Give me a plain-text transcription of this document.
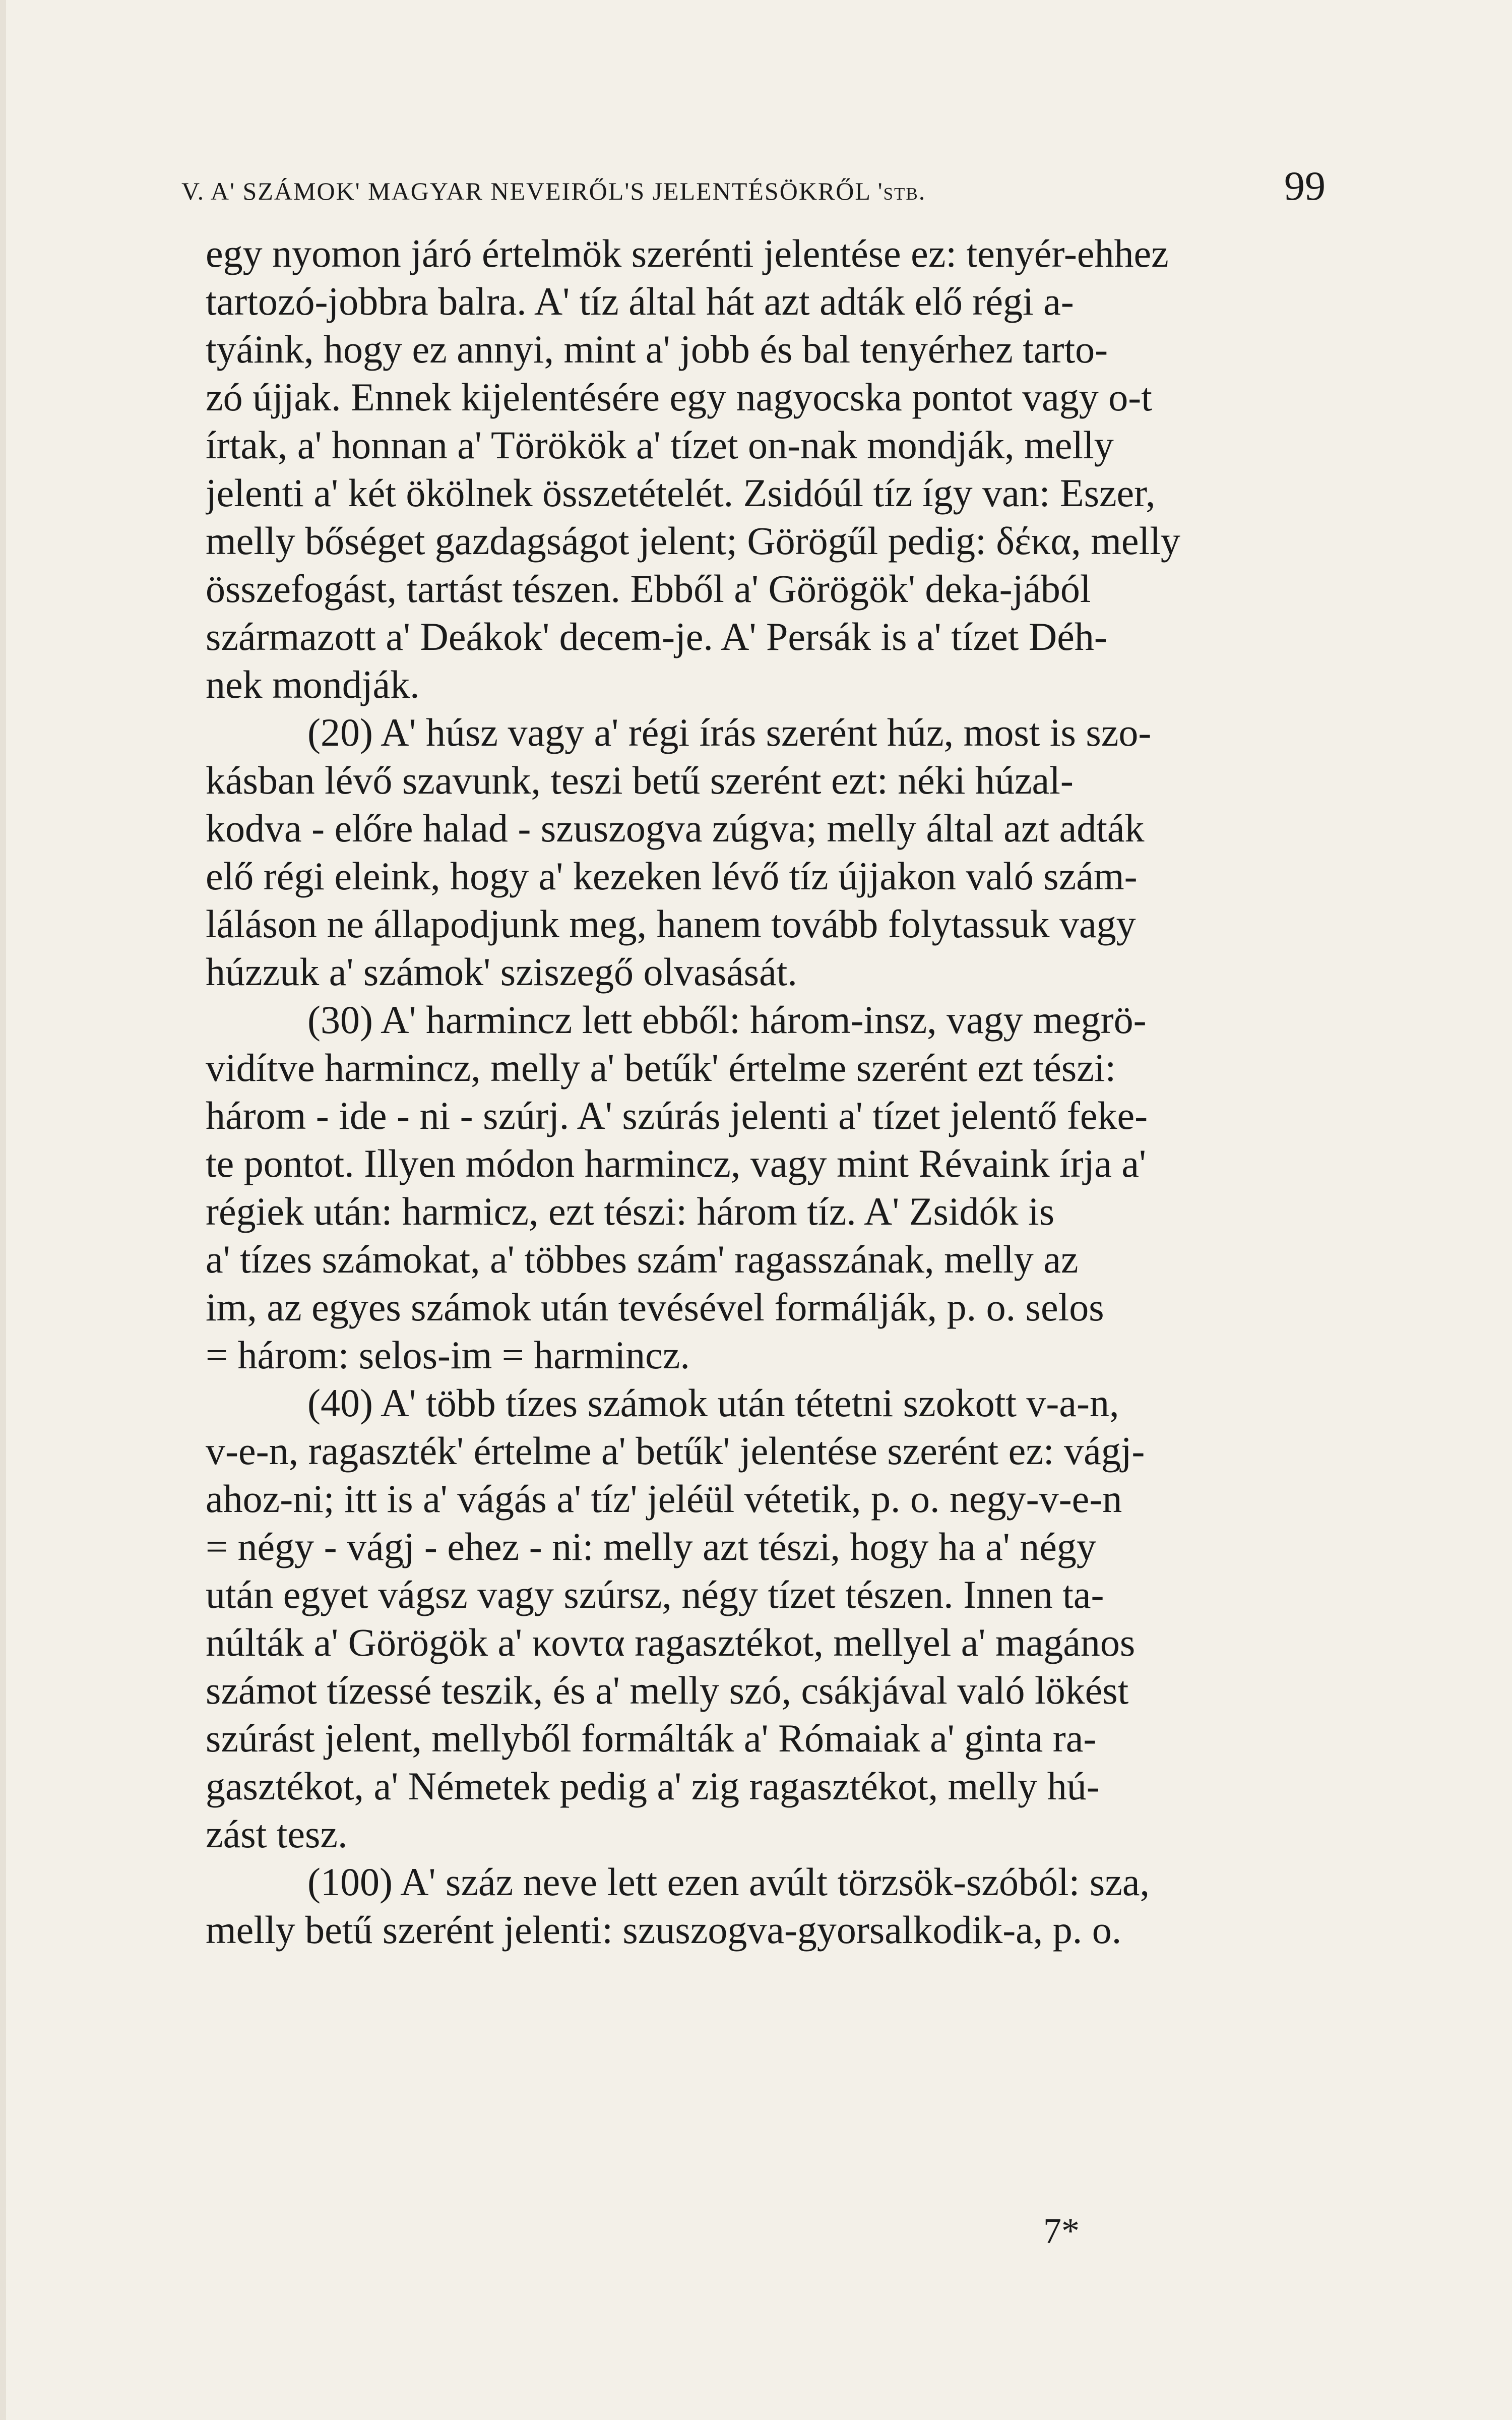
V. A' SZÁMOK' MAGYAR NEVEIRŐL'S JELENTÉSÖKRŐL 'stb.	99
egy nyomon járó értelmök szerénti jelentése ez: tenyér-ehhez
tartozó-jobbra balra. A' tíz által hát azt adták elő régi a-
tyáink, hogy ez annyi, mint a' jobb és bal tenyérhez tarto-
zó újjak. Ennek kijelentésére egy nagyocska pontot vagy o-t
írtak, a' honnan a' Törökök a' tízet on-nak mondják, melly
jelenti a' két ökölnek összetételét. Zsidóúl tíz így van: Eszer,
melly bőséget gazdagságot jelent; Görögűl pedig: δέκα, melly
összefogást, tartást tészen. Ebből a' Görögök' deka-jából
származott a' Deákok' decem-je. A' Persák is a' tízet Déh-
nek mondják.
(20) A' húsz vagy a' régi írás szerént húz, most is szo-
kásban lévő szavunk, teszi betű szerént ezt: néki húzal-
kodva - előre halad - szuszogva zúgva; melly által azt adták
elő régi eleink, hogy a' kezeken lévő tíz újjakon való szám-
láláson ne állapodjunk meg, hanem tovább folytassuk vagy
húzzuk a' számok' sziszegő olvasását.
(30) A' harmincz lett ebből: három-insz, vagy megrö-
vidítve harmincz, melly a' betűk' értelme szerént ezt tészi:
három - ide - ni - szúrj. A' szúrás jelenti a' tízet jelentő feke-
te pontot. Illyen módon harmincz, vagy mint Révaink írja a'
régiek után: harmicz, ezt tészi: három tíz. A' Zsidók is
a' tízes számokat, a' többes szám' ragasszának, melly az
im, az egyes számok után tevésével formálják, p. o. selos
= három: selos-im = harmincz.
(40) A' több tízes számok után tétetni szokott v-a-n,
v-e-n, ragaszték' értelme a' betűk' jelentése szerént ez: vágj-
ahoz-ni; itt is a' vágás a' tíz' jeléül vétetik, p. o. negy-v-e-n
= négy - vágj - ehez - ni: melly azt tészi, hogy ha a' négy
után egyet vágsz vagy szúrsz, négy tízet tészen. Innen ta-
núlták a' Görögök a' κοντα ragasztékot, mellyel a' magános
számot tízessé teszik, és a' melly szó, csákjával való lökést
szúrást jelent, mellyből formálták a' Rómaiak a' ginta ra-
gasztékot, a' Németek pedig a' zig ragasztékot, melly hú-
zást tesz.
(100) A' száz neve lett ezen avúlt törzsök-szóból: sza,
melly betű szerént jelenti: szuszogva-gyorsalkodik-a, p. o.
7*
